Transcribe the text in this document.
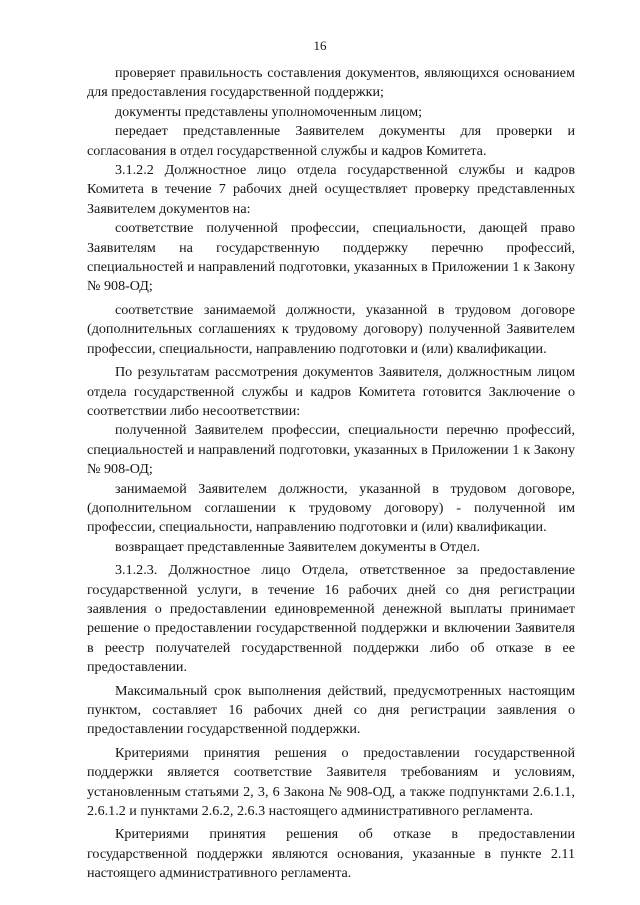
16

проверяет правильность составления документов, являющихся основанием для предоставления государственной поддержки;

документы представлены уполномоченным лицом;

передает представленные Заявителем документы для проверки и согласования в отдел государственной службы и кадров Комитета.

3.1.2.2 Должностное лицо отдела государственной службы и кадров Комитета в течение 7 рабочих дней осуществляет проверку представленных Заявителем документов на:

соответствие полученной профессии, специальности, дающей право Заявителям на государственную поддержку перечню профессий, специальностей и направлений подготовки, указанных в Приложении 1 к Закону № 908-ОД;

соответствие занимаемой должности, указанной в трудовом договоре (дополнительных соглашениях к трудовому договору) полученной Заявителем профессии, специальности, направлению подготовки и (или) квалификации.

По результатам рассмотрения документов Заявителя, должностным лицом отдела государственной службы и кадров Комитета готовится Заключение о соответствии либо несоответствии:

полученной Заявителем профессии, специальности перечню профессий, специальностей и направлений подготовки, указанных в Приложении 1 к Закону № 908-ОД;

занимаемой Заявителем должности, указанной в трудовом договоре, (дополнительном соглашении к трудовому договору) - полученной им профессии, специальности, направлению подготовки и (или) квалификации.

возвращает представленные Заявителем документы в Отдел.

3.1.2.3. Должностное лицо Отдела, ответственное за предоставление государственной услуги, в течение 16 рабочих дней со дня регистрации заявления о предоставлении единовременной денежной выплаты принимает решение о предоставлении государственной поддержки и включении Заявителя в реестр получателей государственной поддержки либо об отказе в ее предоставлении.

Максимальный срок выполнения действий, предусмотренных настоящим пунктом, составляет 16 рабочих дней со дня регистрации заявления о предоставлении государственной поддержки.

Критериями принятия решения о предоставлении государственной поддержки является соответствие Заявителя требованиям и условиям, установленным статьями 2, 3, 6 Закона № 908-ОД, а также подпунктами 2.6.1.1, 2.6.1.2 и пунктами 2.6.2, 2.6.3 настоящего административного регламента.

Критериями принятия решения об отказе в предоставлении государственной поддержки являются основания, указанные в пункте 2.11 настоящего административного регламента.
